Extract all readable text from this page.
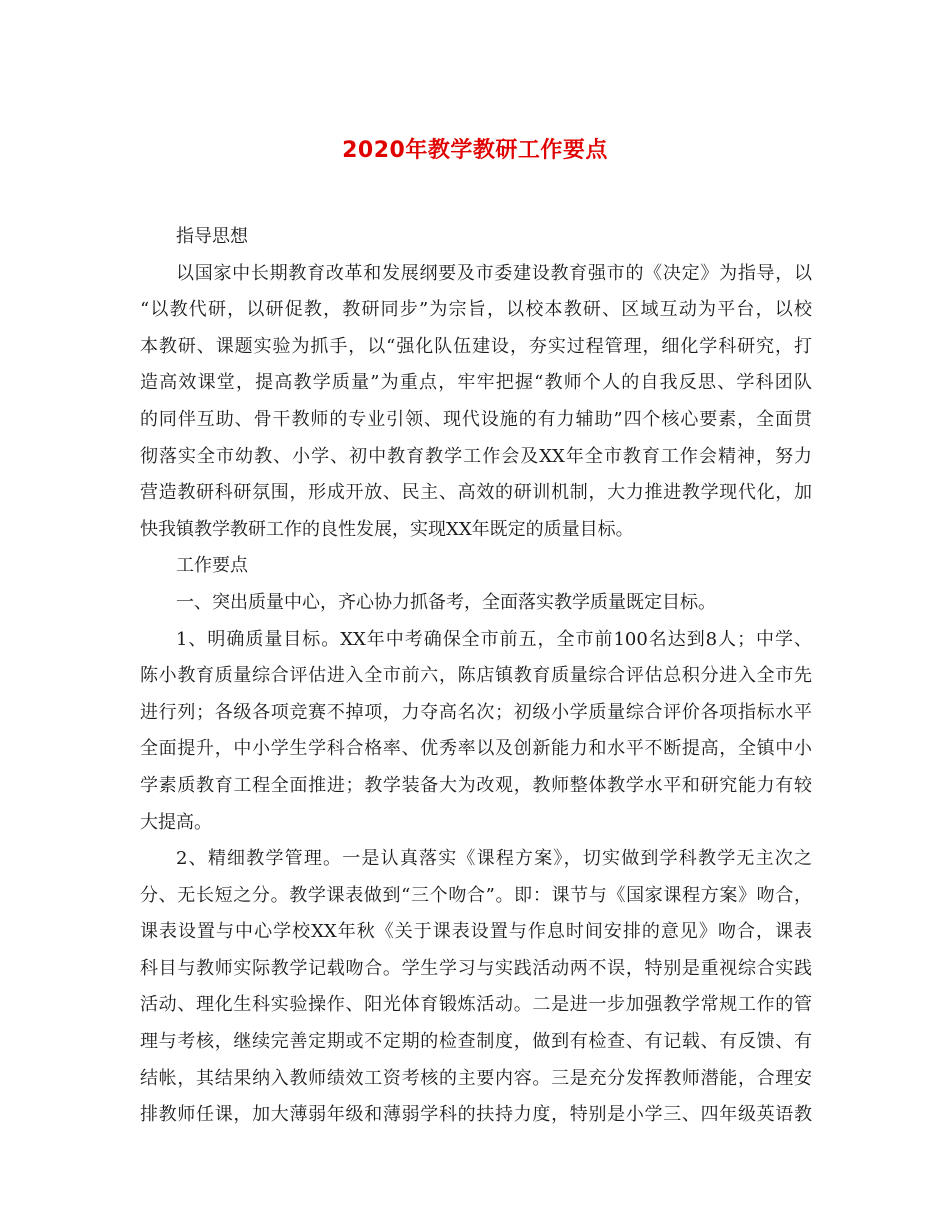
2020年教学教研工作要点
指导思想
以国家中长期教育改革和发展纲要及市委建设教育强市的《决定》为指导，以
“以教代研，以研促教，教研同步”为宗旨，以校本教研、区域互动为平台，以校
本教研、课题实验为抓手，以“强化队伍建设，夯实过程管理，细化学科研究，打
造高效课堂，提高教学质量”为重点，牢牢把握“教师个人的自我反思、学科团队
的同伴互助、骨干教师的专业引领、现代设施的有力辅助”四个核心要素，全面贯
彻落实全市幼教、小学、初中教育教学工作会及XX年全市教育工作会精神，努力
营造教研科研氛围，形成开放、民主、高效的研训机制，大力推进教学现代化，加
快我镇教学教研工作的良性发展，实现XX年既定的质量目标。
工作要点
一、突出质量中心，齐心协力抓备考，全面落实教学质量既定目标。
1、明确质量目标。XX年中考确保全市前五，全市前100名达到8人；中学、
陈小教育质量综合评估进入全市前六，陈店镇教育质量综合评估总积分进入全市先
进行列；各级各项竞赛不掉项，力夺高名次；初级小学质量综合评价各项指标水平
全面提升，中小学生学科合格率、优秀率以及创新能力和水平不断提高，全镇中小
学素质教育工程全面推进；教学装备大为改观，教师整体教学水平和研究能力有较
大提高。
2、精细教学管理。一是认真落实《课程方案》，切实做到学科教学无主次之
分、无长短之分。教学课表做到“三个吻合”。即：课节与《国家课程方案》吻合，
课表设置与中心学校XX年秋《关于课表设置与作息时间安排的意见》吻合，课表
科目与教师实际教学记载吻合。学生学习与实践活动两不误，特别是重视综合实践
活动、理化生科实验操作、阳光体育锻炼活动。二是进一步加强教学常规工作的管
理与考核，继续完善定期或不定期的检查制度，做到有检查、有记载、有反馈、有
结帐，其结果纳入教师绩效工资考核的主要内容。三是充分发挥教师潜能，合理安
排教师任课，加大薄弱年级和薄弱学科的扶持力度，特别是小学三、四年级英语教
